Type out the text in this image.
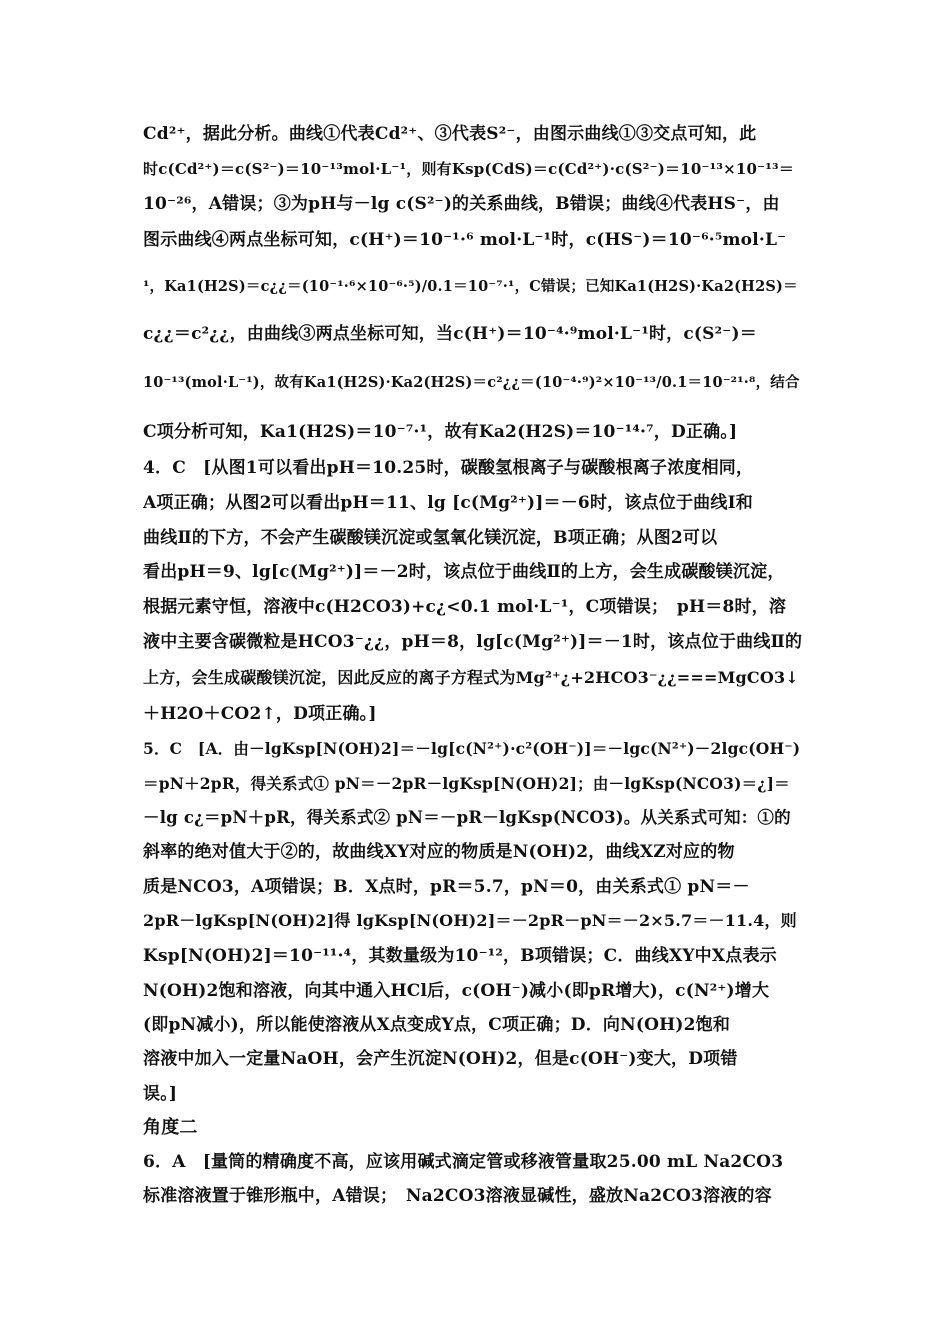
Cd²⁺，据此分析。曲线①代表Cd²⁺、③代表S²⁻，由图示曲线①③交点可知，此
时c(Cd²⁺)＝c(S²⁻)＝10⁻¹³mol·L⁻¹，则有Ksp(CdS)＝c(Cd²⁺)·c(S²⁻)＝10⁻¹³×10⁻¹³＝
10⁻²⁶，A错误；③为pH与－lg c(S²⁻)的关系曲线，B错误；曲线④代表HS⁻，由
图示曲线④两点坐标可知，c(H⁺)＝10⁻¹·⁶ mol·L⁻¹时，c(HS⁻)＝10⁻⁶·⁵mol·L⁻
¹，Ka1(H2S)＝c¿¿＝(10⁻¹·⁶×10⁻⁶·⁵)/0.1＝10⁻⁷·¹，C错误；已知Ka1(H2S)·Ka2(H2S)＝
c¿¿＝c²¿¿，由曲线③两点坐标可知，当c(H⁺)＝10⁻⁴·⁹mol·L⁻¹时，c(S²⁻)＝
10⁻¹³(mol·L⁻¹)，故有Ka1(H2S)·Ka2(H2S)＝c²¿¿＝(10⁻⁴·⁹)²×10⁻¹³/0.1＝10⁻²¹·⁸，结合
C项分析可知，Ka1(H2S)＝10⁻⁷·¹，故有Ka2(H2S)＝10⁻¹⁴·⁷，D正确。]
4．C　[从图1可以看出pH＝10.25时，碳酸氢根离子与碳酸根离子浓度相同，
A项正确；从图2可以看出pH＝11、lg [c(Mg²⁺)]＝－6时，该点位于曲线Ⅰ和
曲线Ⅱ的下方，不会产生碳酸镁沉淀或氢氧化镁沉淀，B项正确；从图2可以
看出pH＝9、lg[c(Mg²⁺)]＝－2时，该点位于曲线Ⅱ的上方，会生成碳酸镁沉淀，
根据元素守恒，溶液中c(H2CO3)+c¿<0.1 mol·L⁻¹，C项错误；　pH＝8时，溶
液中主要含碳微粒是HCO3⁻¿¿，pH＝8，lg[c(Mg²⁺)]＝－1时，该点位于曲线Ⅱ的
上方，会生成碳酸镁沉淀，因此反应的离子方程式为Mg²⁺¿+2HCO3⁻¿¿===MgCO3↓
＋H2O＋CO2↑，D项正确。]
5．C　[A．由－lgKsp[N(OH)2]＝－lg[c(N²⁺)·c²(OH⁻)]＝－lgc(N²⁺)－2lgc(OH⁻)
＝pN＋2pR，得关系式① pN＝－2pR－lgKsp[N(OH)2]；由－lgKsp(NCO3)＝¿]＝
－lg c¿＝pN＋pR，得关系式② pN＝－pR－lgKsp(NCO3)。从关系式可知：①的
斜率的绝对值大于②的，故曲线XY对应的物质是N(OH)2，曲线XZ对应的物
质是NCO3，A项错误；B．X点时，pR＝5.7，pN＝0，由关系式① pN＝－
2pR－lgKsp[N(OH)2]得 lgKsp[N(OH)2]＝－2pR－pN＝－2×5.7＝－11.4，则
Ksp[N(OH)2]＝10⁻¹¹·⁴，其数量级为10⁻¹²，B项错误；C．曲线XY中X点表示
N(OH)2饱和溶液，向其中通入HCl后，c(OH⁻)减小(即pR增大)，c(N²⁺)增大
(即pN减小)，所以能使溶液从X点变成Y点，C项正确；D．向N(OH)2饱和
溶液中加入一定量NaOH，会产生沉淀N(OH)2，但是c(OH⁻)变大，D项错
误。]
角度二
6．A　[量筒的精确度不高，应该用碱式滴定管或移液管量取25.00 mL Na2CO3
标准溶液置于锥形瓶中，A错误；　Na2CO3溶液显碱性，盛放Na2CO3溶液的容
